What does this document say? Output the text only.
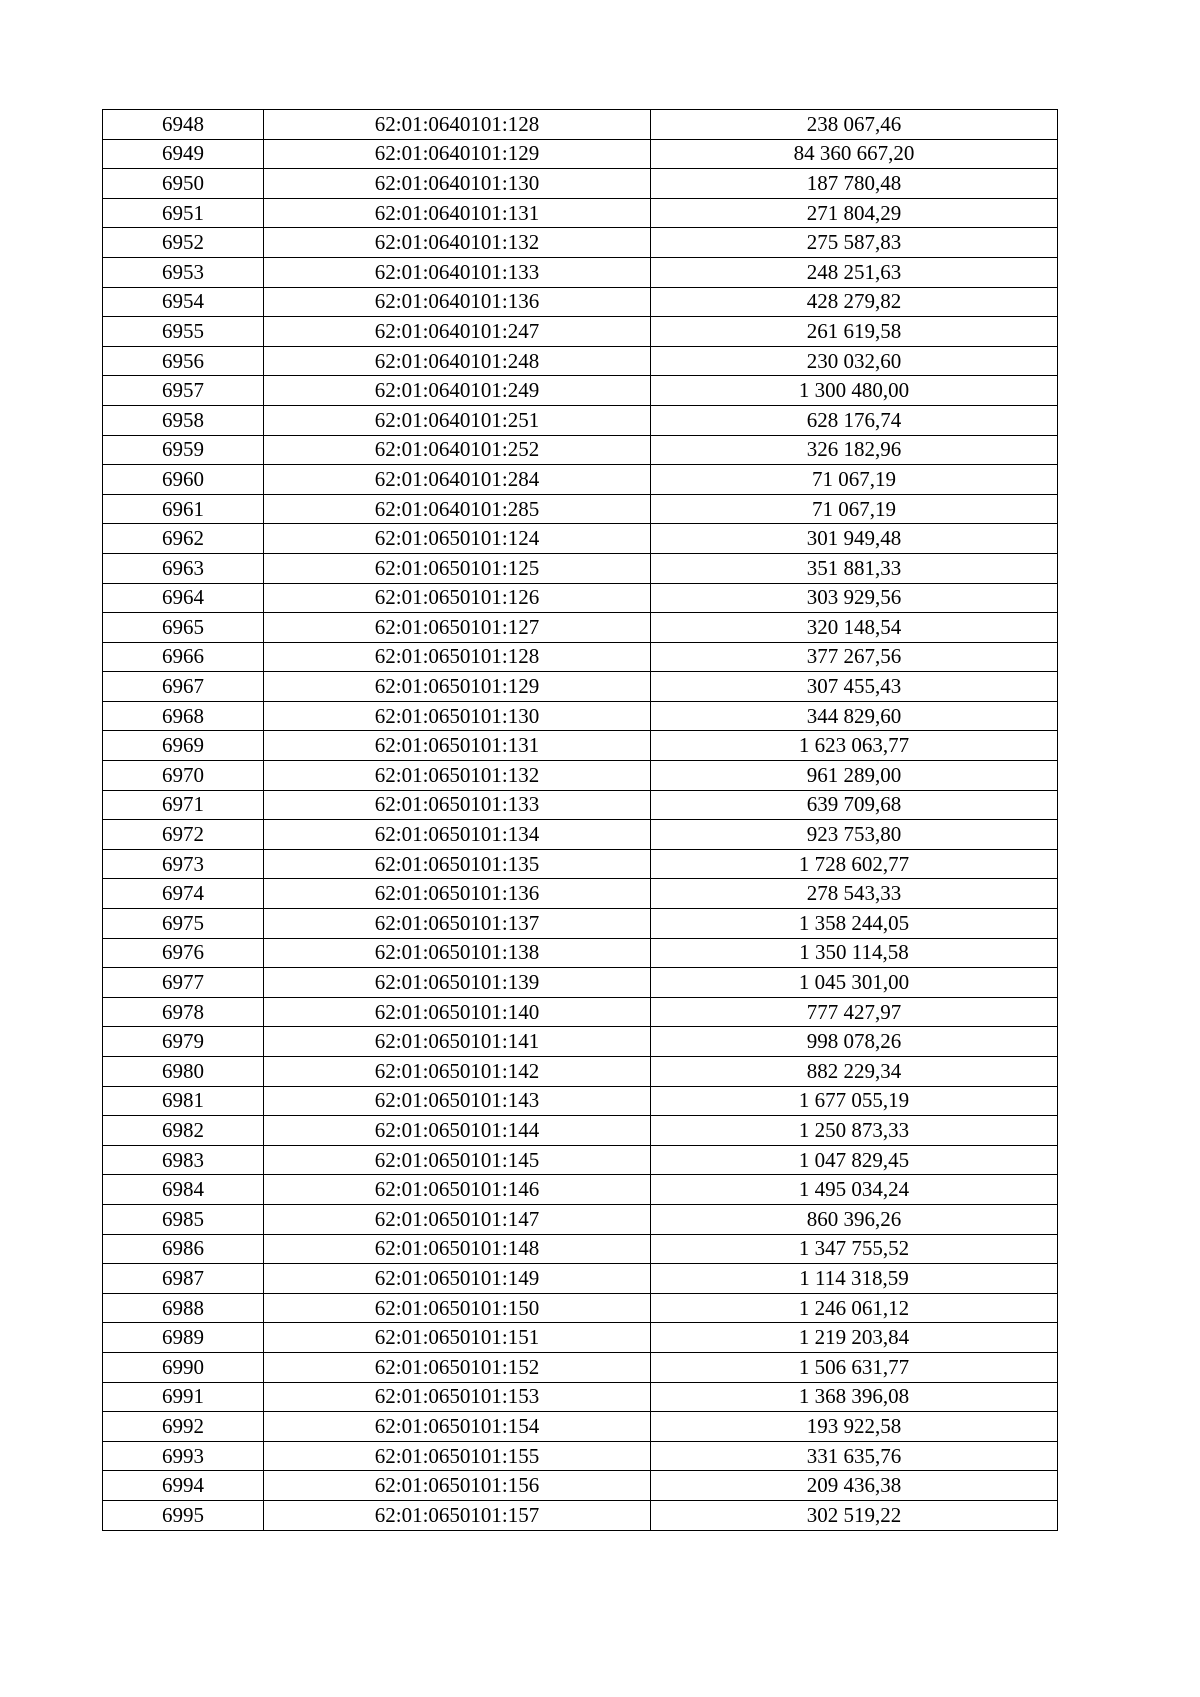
6948	62:01:0640101:128	238 067,46
6949	62:01:0640101:129	84 360 667,20
6950	62:01:0640101:130	187 780,48
6951	62:01:0640101:131	271 804,29
6952	62:01:0640101:132	275 587,83
6953	62:01:0640101:133	248 251,63
6954	62:01:0640101:136	428 279,82
6955	62:01:0640101:247	261 619,58
6956	62:01:0640101:248	230 032,60
6957	62:01:0640101:249	1 300 480,00
6958	62:01:0640101:251	628 176,74
6959	62:01:0640101:252	326 182,96
6960	62:01:0640101:284	71 067,19
6961	62:01:0640101:285	71 067,19
6962	62:01:0650101:124	301 949,48
6963	62:01:0650101:125	351 881,33
6964	62:01:0650101:126	303 929,56
6965	62:01:0650101:127	320 148,54
6966	62:01:0650101:128	377 267,56
6967	62:01:0650101:129	307 455,43
6968	62:01:0650101:130	344 829,60
6969	62:01:0650101:131	1 623 063,77
6970	62:01:0650101:132	961 289,00
6971	62:01:0650101:133	639 709,68
6972	62:01:0650101:134	923 753,80
6973	62:01:0650101:135	1 728 602,77
6974	62:01:0650101:136	278 543,33
6975	62:01:0650101:137	1 358 244,05
6976	62:01:0650101:138	1 350 114,58
6977	62:01:0650101:139	1 045 301,00
6978	62:01:0650101:140	777 427,97
6979	62:01:0650101:141	998 078,26
6980	62:01:0650101:142	882 229,34
6981	62:01:0650101:143	1 677 055,19
6982	62:01:0650101:144	1 250 873,33
6983	62:01:0650101:145	1 047 829,45
6984	62:01:0650101:146	1 495 034,24
6985	62:01:0650101:147	860 396,26
6986	62:01:0650101:148	1 347 755,52
6987	62:01:0650101:149	1 114 318,59
6988	62:01:0650101:150	1 246 061,12
6989	62:01:0650101:151	1 219 203,84
6990	62:01:0650101:152	1 506 631,77
6991	62:01:0650101:153	1 368 396,08
6992	62:01:0650101:154	193 922,58
6993	62:01:0650101:155	331 635,76
6994	62:01:0650101:156	209 436,38
6995	62:01:0650101:157	302 519,22
